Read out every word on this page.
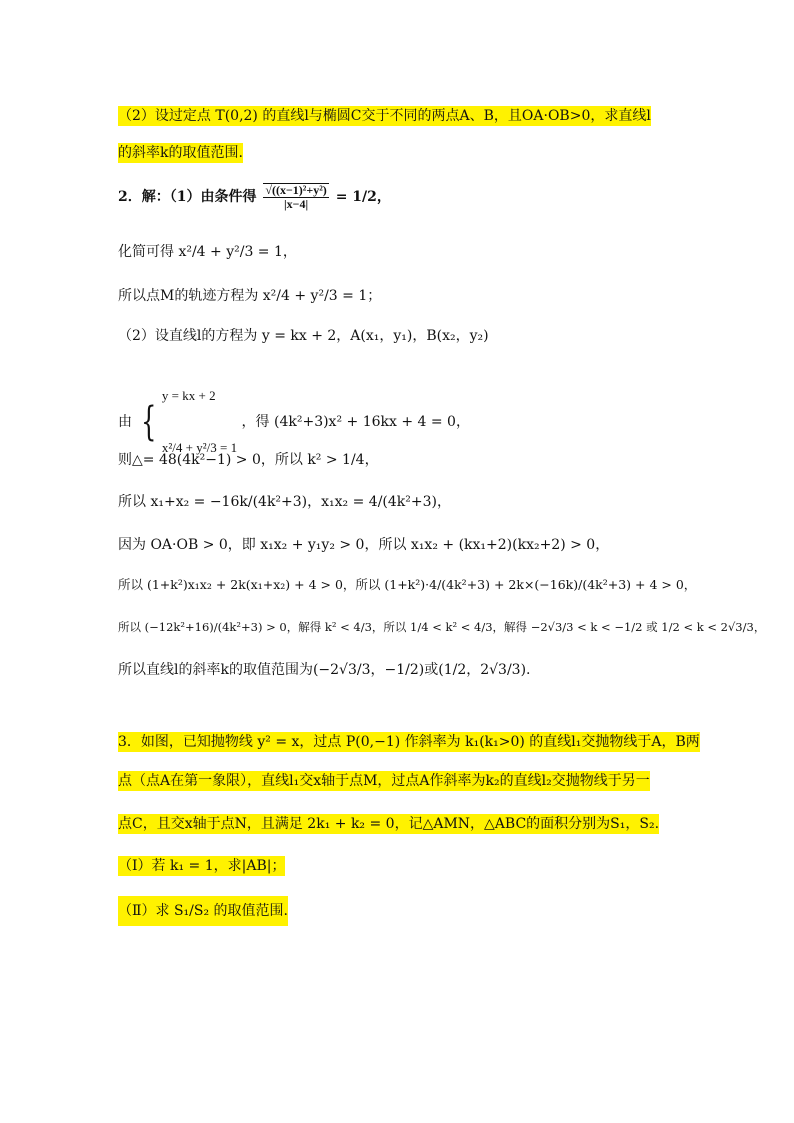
（2）设过定点 T(0,2) 的直线l与椭圆C交于不同的两点A、B，且OA·OB>0，求直线l
的斜率k的取值范围.
2．解：（1）由条件得 $\frac{\text{√((x−1)²+y²)}}{|x-4|} = 1/2$，
化简可得 x²/4 + y²/3 = 1，
所以点M的轨迹方程为 x²/4 + y²/3 = 1；
（2）设直线l的方程为 y = kx + 2，A(x₁，y₁)，B(x₂，y₂)
由 {
y = kx + 2
x²/4 + y²/3 = 1
，得 (4k²+3)x² + 16kx + 4 = 0，
则△= 48(4k²−1) > 0，所以 k² > 1/4，
所以 x₁+x₂ = −16k/(4k²+3)，x₁x₂ = 4/(4k²+3)，
因为 OA·OB > 0，即 x₁x₂ + y₁y₂ > 0，所以 x₁x₂ + (kx₁+2)(kx₂+2) > 0，
所以 (1+k²)x₁x₂ + 2k(x₁+x₂) + 4 > 0，所以 (1+k²)·4/(4k²+3) + 2k×(−16k)/(4k²+3) + 4 > 0，
所以 (−12k²+16)/(4k²+3) > 0，解得 k² < 4/3，所以 1/4 < k² < 4/3，解得 −2√3/3 < k < −1/2 或 1/2 < k < 2√3/3，
所以直线l的斜率k的取值范围为(−2√3/3，−1/2)或(1/2，2√3/3).
3．如图，已知抛物线 y² = x，过点 P(0,−1) 作斜率为 k₁(k₁>0) 的直线l₁交抛物线于A，B两
点（点A在第一象限），直线l₁交x轴于点M，过点A作斜率为k₂的直线l₂交抛物线于另一
点C，且交x轴于点N，且满足 2k₁ + k₂ = 0，记△AMN，△ABC的面积分别为S₁，S₂.
（Ⅰ）若 k₁ = 1，求|AB|；
（Ⅱ）求 S₁/S₂ 的取值范围.
